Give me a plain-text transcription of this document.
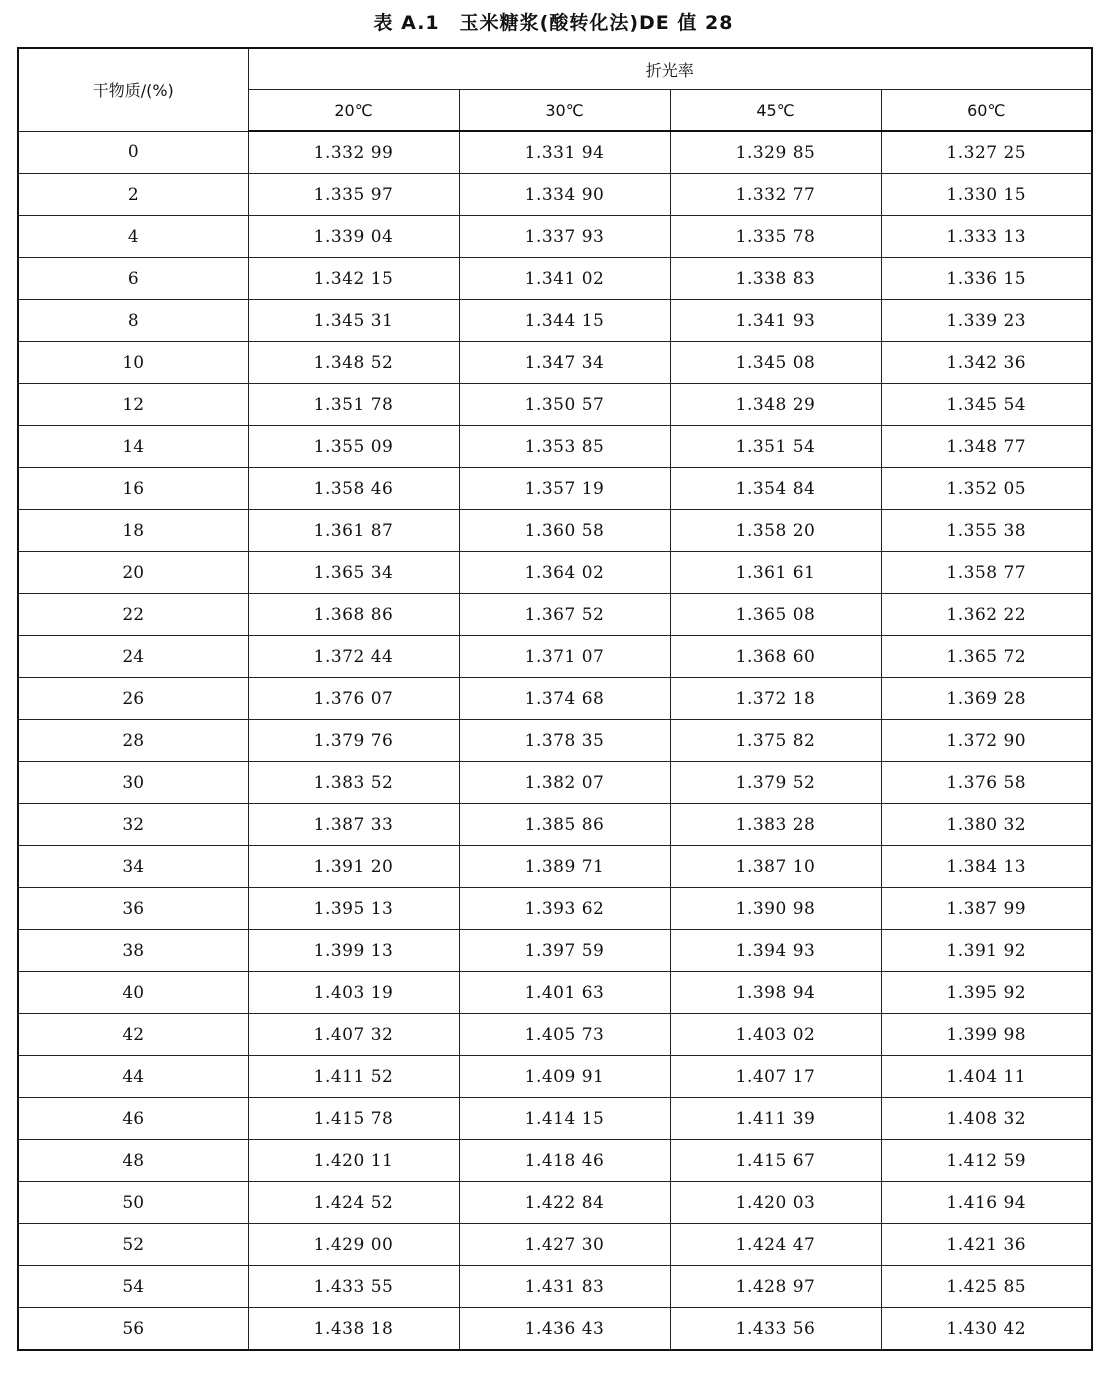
表 A.1　玉米糖浆(酸转化法)DE 值 28
干物质/(%)	折光率			
	20℃	30℃	45℃	60℃
0	1.332 99	1.331 94	1.329 85	1.327 25
2	1.335 97	1.334 90	1.332 77	1.330 15
4	1.339 04	1.337 93	1.335 78	1.333 13
6	1.342 15	1.341 02	1.338 83	1.336 15
8	1.345 31	1.344 15	1.341 93	1.339 23
10	1.348 52	1.347 34	1.345 08	1.342 36
12	1.351 78	1.350 57	1.348 29	1.345 54
14	1.355 09	1.353 85	1.351 54	1.348 77
16	1.358 46	1.357 19	1.354 84	1.352 05
18	1.361 87	1.360 58	1.358 20	1.355 38
20	1.365 34	1.364 02	1.361 61	1.358 77
22	1.368 86	1.367 52	1.365 08	1.362 22
24	1.372 44	1.371 07	1.368 60	1.365 72
26	1.376 07	1.374 68	1.372 18	1.369 28
28	1.379 76	1.378 35	1.375 82	1.372 90
30	1.383 52	1.382 07	1.379 52	1.376 58
32	1.387 33	1.385 86	1.383 28	1.380 32
34	1.391 20	1.389 71	1.387 10	1.384 13
36	1.395 13	1.393 62	1.390 98	1.387 99
38	1.399 13	1.397 59	1.394 93	1.391 92
40	1.403 19	1.401 63	1.398 94	1.395 92
42	1.407 32	1.405 73	1.403 02	1.399 98
44	1.411 52	1.409 91	1.407 17	1.404 11
46	1.415 78	1.414 15	1.411 39	1.408 32
48	1.420 11	1.418 46	1.415 67	1.412 59
50	1.424 52	1.422 84	1.420 03	1.416 94
52	1.429 00	1.427 30	1.424 47	1.421 36
54	1.433 55	1.431 83	1.428 97	1.425 85
56	1.438 18	1.436 43	1.433 56	1.430 42
